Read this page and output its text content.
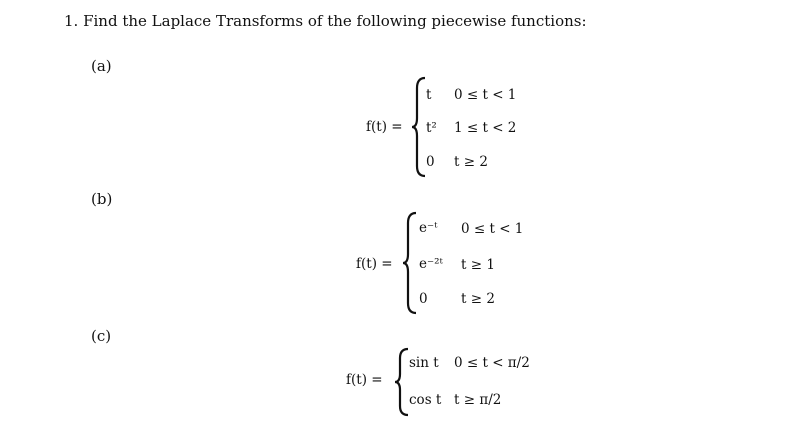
1. Find the Laplace Transforms of the following piecewise functions:
(a)
f(t) =
t 0 ≤ t < 1
t² 1 ≤ t < 2
0 t ≥ 2
(b)
f(t) =
e⁻ᵗ 0 ≤ t < 1
e⁻²ᵗ t ≥ 1
0 t ≥ 2
(c)
f(t) =
sin t 0 ≤ t < π/2
cos t t ≥ π/2
